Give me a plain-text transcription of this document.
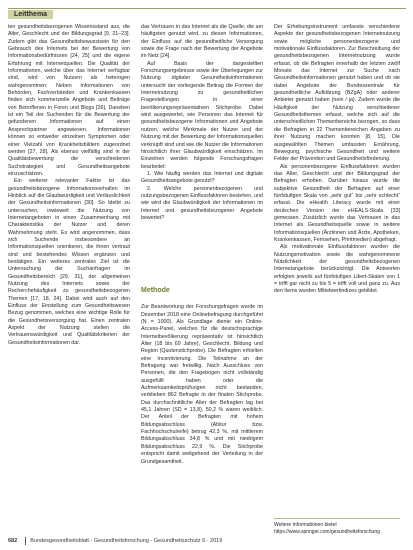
Leitthema

ten gesundheitsbezogenen Wissensstand aus, die Alter, Geschlecht und der Bildungsgrad [9, 21–23]. Zudem gibt das Gesundheitsbewusstsein für den Gebrauch des Internets bei der Bewertung von Informationsbedürfnissen [24, 25] und die eigene Erfahrung mit Internetquellen. Die Qualität der Informationen, welche über das Internet verfügbar sind, wird von Nutzern als heterogen wahrgenommen: Neben Informationen von Behörden, Fachverbänden und Krankenkassen finden sich kommerzielle Angebote und Beiträge von Betroffenen in Foren und Blogs [26]. Daneben ist ein Teil der Suchenden für die Bewertung der gefundenen Informationen auf einen Ansprechpartner angewiesen. Informationen können so entweder einzelnen Symptomen oder einer Vielzahl von Krankheitsbildern zugeordnet werden [27, 28]. Als ebenso vielfältig sind in der Qualitätsbewertung die verschiedenen Suchstrategien und Gesundheitsangebote einzuschätzen.

Ein weiterer relevanter Faktor ist das gesundheitsbezogene Informationsverhalten im Hinblick auf die Glaubwürdigkeit und Verlässlichkeit der Gesundheitsinformationen [30]. So bleibt zu untersuchen, inwieweit die Nutzung von Internetangeboten in einen Zusammenhang mit Charakteristika der Nutzer und deren Wahrnehmung steht. Es wird angenommen, dass sich Suchende insbesondere an Informationsquellen orientieren, die ihnen vertraut sind und bestehendes Wissen ergänzen und bestätigen. Ein weiteres zentrales Ziel ist die Untersuchung der Suchanfragen im Gesundheitsbereich [29, 31], der allgemeinen Nutzung des Internets sowie der Recherchehäufigkeit zu gesundheitsbezogenen Themen [17, 18, 24]. Dabei wird auch auf den Einfluss der Einstellung zum Gesundheitswesen Bezug genommen, welches eine wichtige Rolle für die Gesundheitsversorgung hat. Einen zentralen Aspekt der Nutzung stellen die Vertrauenswürdigkeit und Qualitätskriterien der Gesundheitsinformationen dar.

das Vertrauen in das Internet als die Quelle, die am häufigsten genutzt wird, zu diesen Informationen, der Einfluss auf die gesundheitliche Versorgung sowie die Frage nach der Bewertung der Angebote im Netz [24].

Auf Basis der dargestellten Forschungsergebnisse sowie der Überlegungen zur Nutzung digitaler Gesundheitsinformationen untersucht der vorliegende Beitrag die Formen der Internetnutzung zu gesundheitlichen Fragestellungen in einer bevölkerungsrepräsentativen Stichprobe. Dabei wird ausgewertet, wie Personen das Internet für gesundheitsbezogene Informationen und Angebote nutzen, welche Merkmale der Nutzer und der Nutzung mit der Bewertung der Informationsquellen verknüpft sind und wie die Nutzer die Informationen hinsichtlich ihrer Glaubwürdigkeit einschätzen. Im Einzelnen werden folgende Forschungsfragen bearbeitet:

1. Wie häufig werden das Internet und digitale Gesundheitsangebote genutzt?

2. Welche personenbezogenen und nutzungsbezogenen Einflussfaktoren bestehen, und wie wird die Glaubwürdigkeit der Informationen im Internet und gesundheitsbezogener Angebote bewertet?

Methode

Zur Beantwortung der Forschungsfragen wurde im Dezember 2018 eine Onlinebefragung durchgeführt (N = 1000). Als Grundlage diente ein Online-Access-Panel, welches für die deutschsprachige Internetbevölkerung repräsentativ ist hinsichtlich Alter (18 bis 69 Jahre), Geschlecht, Bildung und Region (Quotenstichprobe). Die Befragten erhielten eine Incentivierung. Die Teilnahme an der Befragung war freiwillig. Nach Ausschluss von Personen, die den Fragebogen nicht vollständig ausgefüllt haben oder die Aufmerksamkeitsprüfungen nicht bestanden, verblieben 862 Befragte in der finalen Stichprobe. Das durchschnittliche Alter der Befragten lag bei 45,1 Jahren (SD = 13,8), 50,2 % waren weiblich. Der Anteil der Befragten mit hohem Bildungsabschluss (Abitur bzw. Fachhochschulreife) betrug 42,3 %, mit mittlerem Bildungsabschluss 34,8 % und mit niedrigem Bildungsabschluss 22,9 %. Die Stichprobe entspricht damit weitgehend der Verteilung in der Grundgesamtheit.

Der Erhebungsinstrument umfasste verschiedene Aspekte der gesundheitsbezogenen Internetnutzung sowie mögliche personenbezogene und motivationale Einflussfaktoren. Zur Beschreibung der gesundheitsbezogenen Internetnutzung wurde erfasst, ob die Befragten innerhalb der letzten zwölf Monate das Internet zur Suche nach Gesundheitsinformationen genutzt haben und ob sie dabei Angebote der Bundeszentrale für gesundheitliche Aufklärung (BZgA) oder anderer Anbieter genutzt haben (nein / ja). Zudem wurde die Häufigkeit der Nutzung verschiedener Gesundheitsthemen erfasst, welche sich auf die unterschiedlichen Themenbereiche bezogen, so dass die Befragten in 22 Themenbereichen Angaben zu ihrer Nutzung machen konnten [8, 15]. Die ausgewählten Themen umfassten Ernährung, Bewegung, psychische Gesundheit und weitere Felder der Prävention und Gesundheitsförderung.

Als personenbezogene Einflussfaktoren wurden das Alter, Geschlecht und der Bildungsgrad der Befragten erhoben. Darüber hinaus wurde die subjektive Gesundheit der Befragten auf einer fünfstufigen Skala von „sehr gut“ bis „sehr schlecht“ erfasst. Die eHealth Literacy wurde mit einer deutschen Version der eHEALS-Skala [33] gemessen. Zusätzlich wurde das Vertrauen in das Internet als Gesundheitsquelle sowie in weitere Informationsquellen (Ärztinnen und Ärzte, Apotheken, Krankenkassen, Fernsehen, Printmedien) abgefragt.

Als motivationale Einflussfaktoren wurden die Nutzungsmotivation sowie die wahrgenommene Nützlichkeit der gesundheitsbezogenen Internetangebote berücksichtigt. Die Antworten erfolgten jeweils auf fünfstufigen Likert-Skalen von 1 = trifft gar nicht zu bis 5 = trifft voll und ganz zu. Aus den Items wurden Mittelwertindizes gebildet.

Weitere Informationen bietet https://www.springer.com/gesundheitsforschung
682 Bundesgesundheitsblatt - Gesundheitsforschung - Gesundheitsschutz 6 · 2019
